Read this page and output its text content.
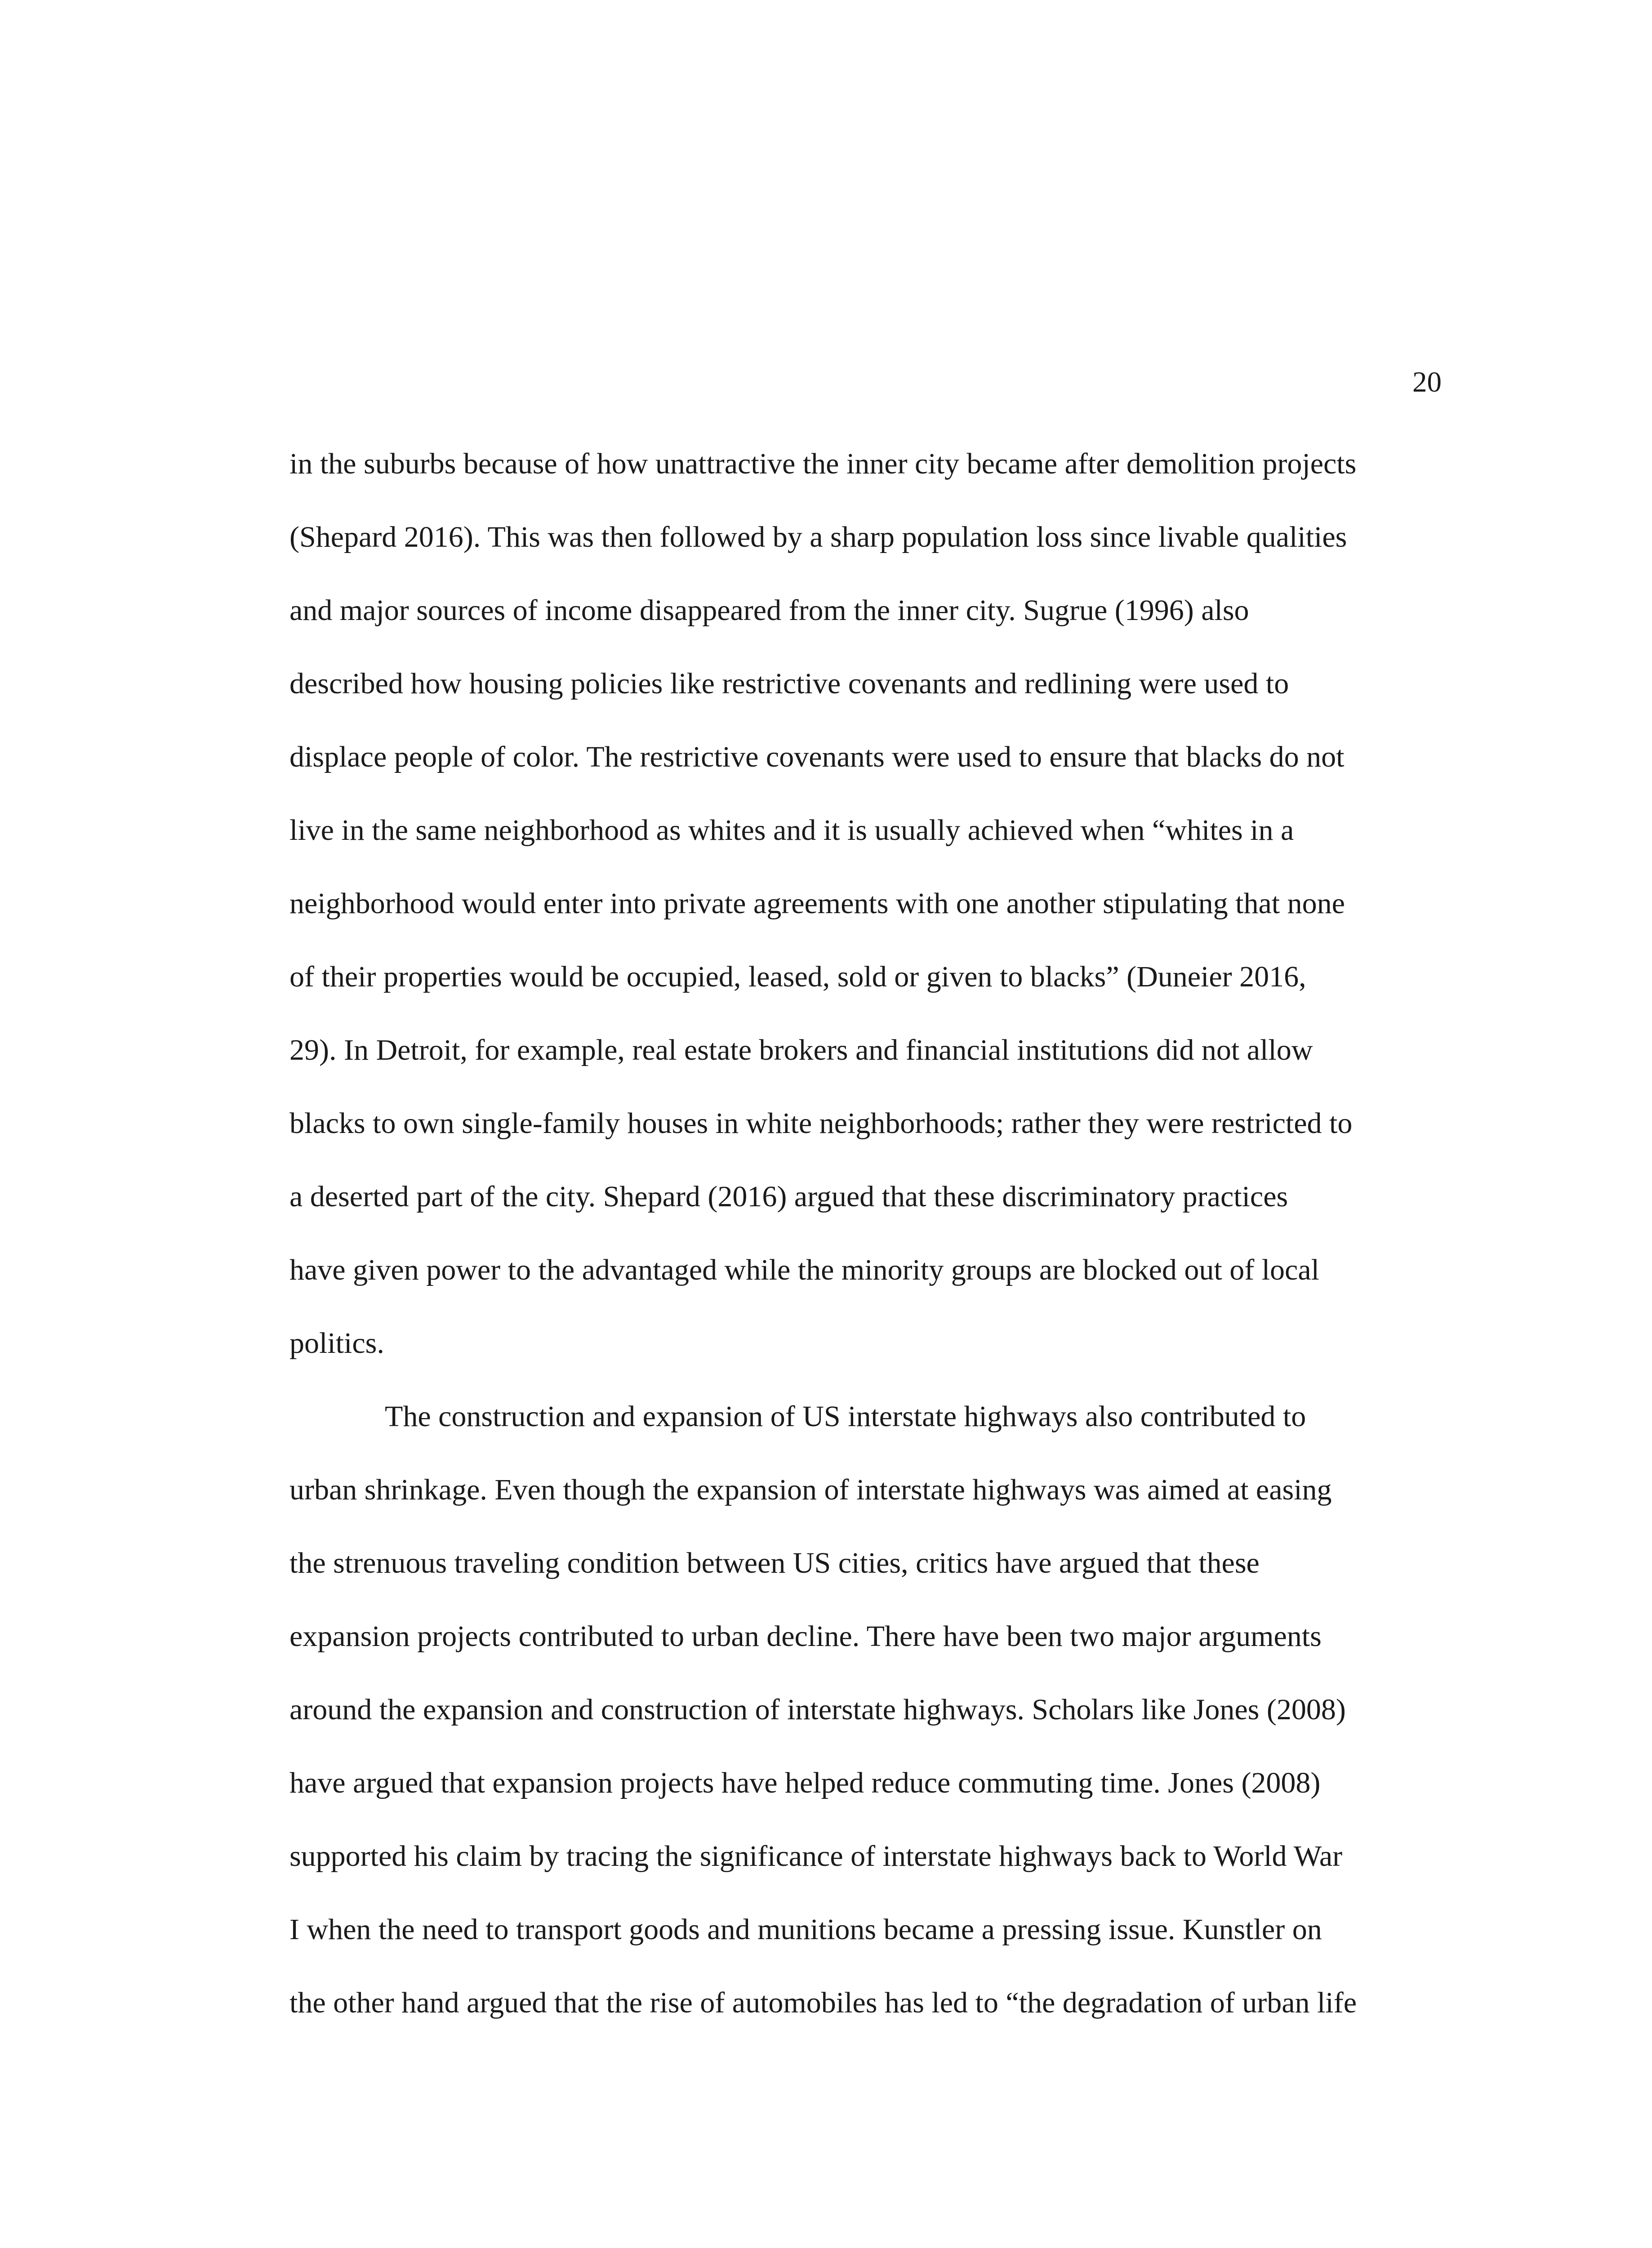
20
in the suburbs because of how unattractive the inner city became after demolition projects
(Shepard 2016). This was then followed by a sharp population loss since livable qualities
and major sources of income disappeared from the inner city. Sugrue (1996) also
described how housing policies like restrictive covenants and redlining were used to
displace people of color. The restrictive covenants were used to ensure that blacks do not
live in the same neighborhood as whites and it is usually achieved when “whites in a
neighborhood would enter into private agreements with one another stipulating that none
of their properties would be occupied, leased, sold or given to blacks” (Duneier 2016,
29). In Detroit, for example, real estate brokers and financial institutions did not allow
blacks to own single-family houses in white neighborhoods; rather they were restricted to
a deserted part of the city. Shepard (2016) argued that these discriminatory practices
have given power to the advantaged while the minority groups are blocked out of local
politics.
The construction and expansion of US interstate highways also contributed to
urban shrinkage. Even though the expansion of interstate highways was aimed at easing
the strenuous traveling condition between US cities, critics have argued that these
expansion projects contributed to urban decline. There have been two major arguments
around the expansion and construction of interstate highways. Scholars like Jones (2008)
have argued that expansion projects have helped reduce commuting time. Jones (2008)
supported his claim by tracing the significance of interstate highways back to World War
I when the need to transport goods and munitions became a pressing issue. Kunstler on
the other hand argued that the rise of automobiles has led to “the degradation of urban life
